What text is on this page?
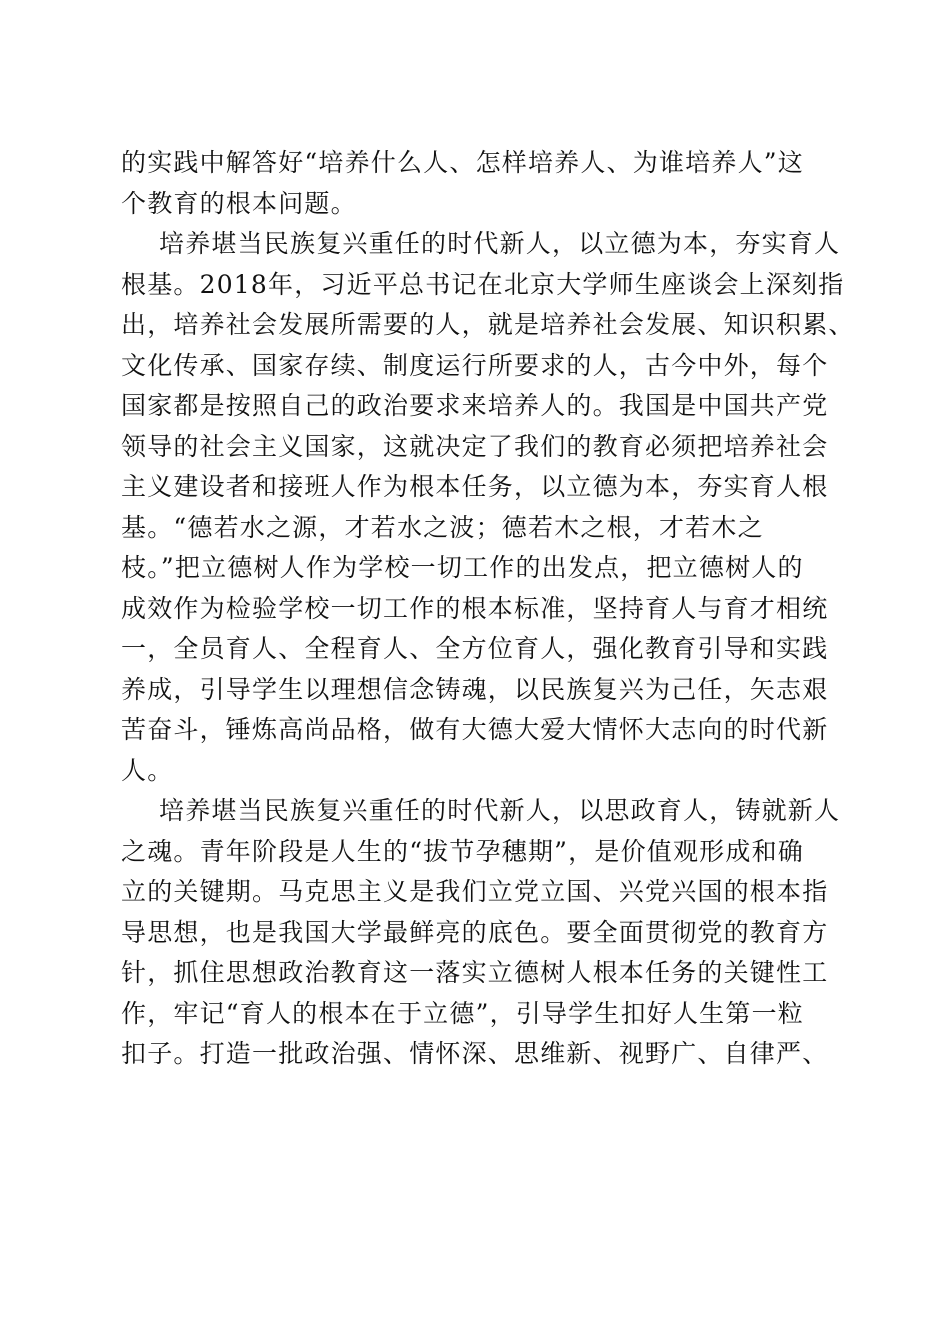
的实践中解答好“培养什么人、怎样培养人、为谁培养人”这
个教育的根本问题。
培养堪当民族复兴重任的时代新人，以立德为本，夯实育人
根基。2018年，习近平总书记在北京大学师生座谈会上深刻指
出，培养社会发展所需要的人，就是培养社会发展、知识积累、
文化传承、国家存续、制度运行所要求的人，古今中外，每个
国家都是按照自己的政治要求来培养人的。我国是中国共产党
领导的社会主义国家，这就决定了我们的教育必须把培养社会
主义建设者和接班人作为根本任务，以立德为本，夯实育人根
基。“德若水之源，才若水之波；德若木之根，才若木之
枝。”把立德树人作为学校一切工作的出发点，把立德树人的
成效作为检验学校一切工作的根本标准，坚持育人与育才相统
一，全员育人、全程育人、全方位育人，强化教育引导和实践
养成，引导学生以理想信念铸魂，以民族复兴为己任，矢志艰
苦奋斗，锤炼高尚品格，做有大德大爱大情怀大志向的时代新
人。
培养堪当民族复兴重任的时代新人，以思政育人，铸就新人
之魂。青年阶段是人生的“拔节孕穗期”，是价值观形成和确
立的关键期。马克思主义是我们立党立国、兴党兴国的根本指
导思想，也是我国大学最鲜亮的底色。要全面贯彻党的教育方
针，抓住思想政治教育这一落实立德树人根本任务的关键性工
作，牢记“育人的根本在于立德”，引导学生扣好人生第一粒
扣子。打造一批政治强、情怀深、思维新、视野广、自律严、
